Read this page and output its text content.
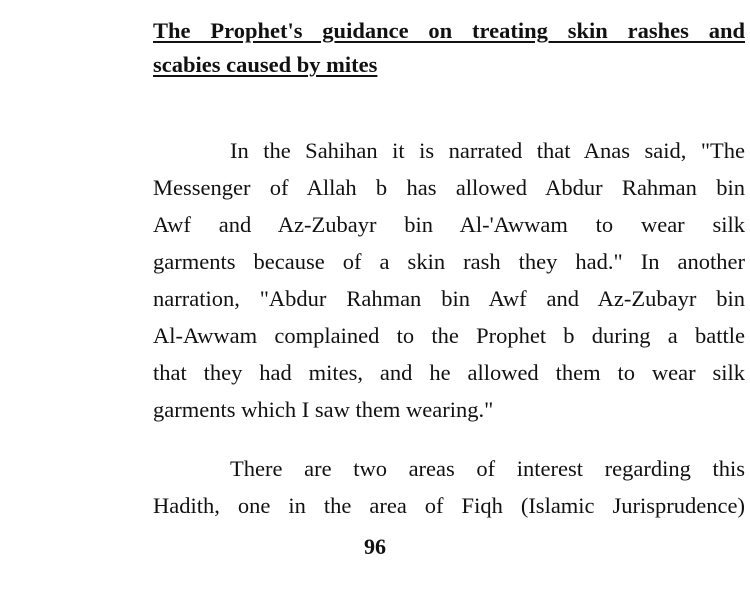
The Prophet's guidance on treating skin rashes and
scabies caused by mites
In the Sahihan it is narrated that Anas said, "The
Messenger of Allah b has allowed Abdur Rahman bin
Awf and Az-Zubayr bin Al-'Awwam to wear silk
garments because of a skin rash they had." In another
narration, "Abdur Rahman bin Awf and Az-Zubayr bin
Al-Awwam complained to the Prophet b during a battle
that they had mites, and he allowed them to wear silk
garments which I saw them wearing."
There are two areas of interest regarding this
Hadith, one in the area of Fiqh (Islamic Jurisprudence)
96
